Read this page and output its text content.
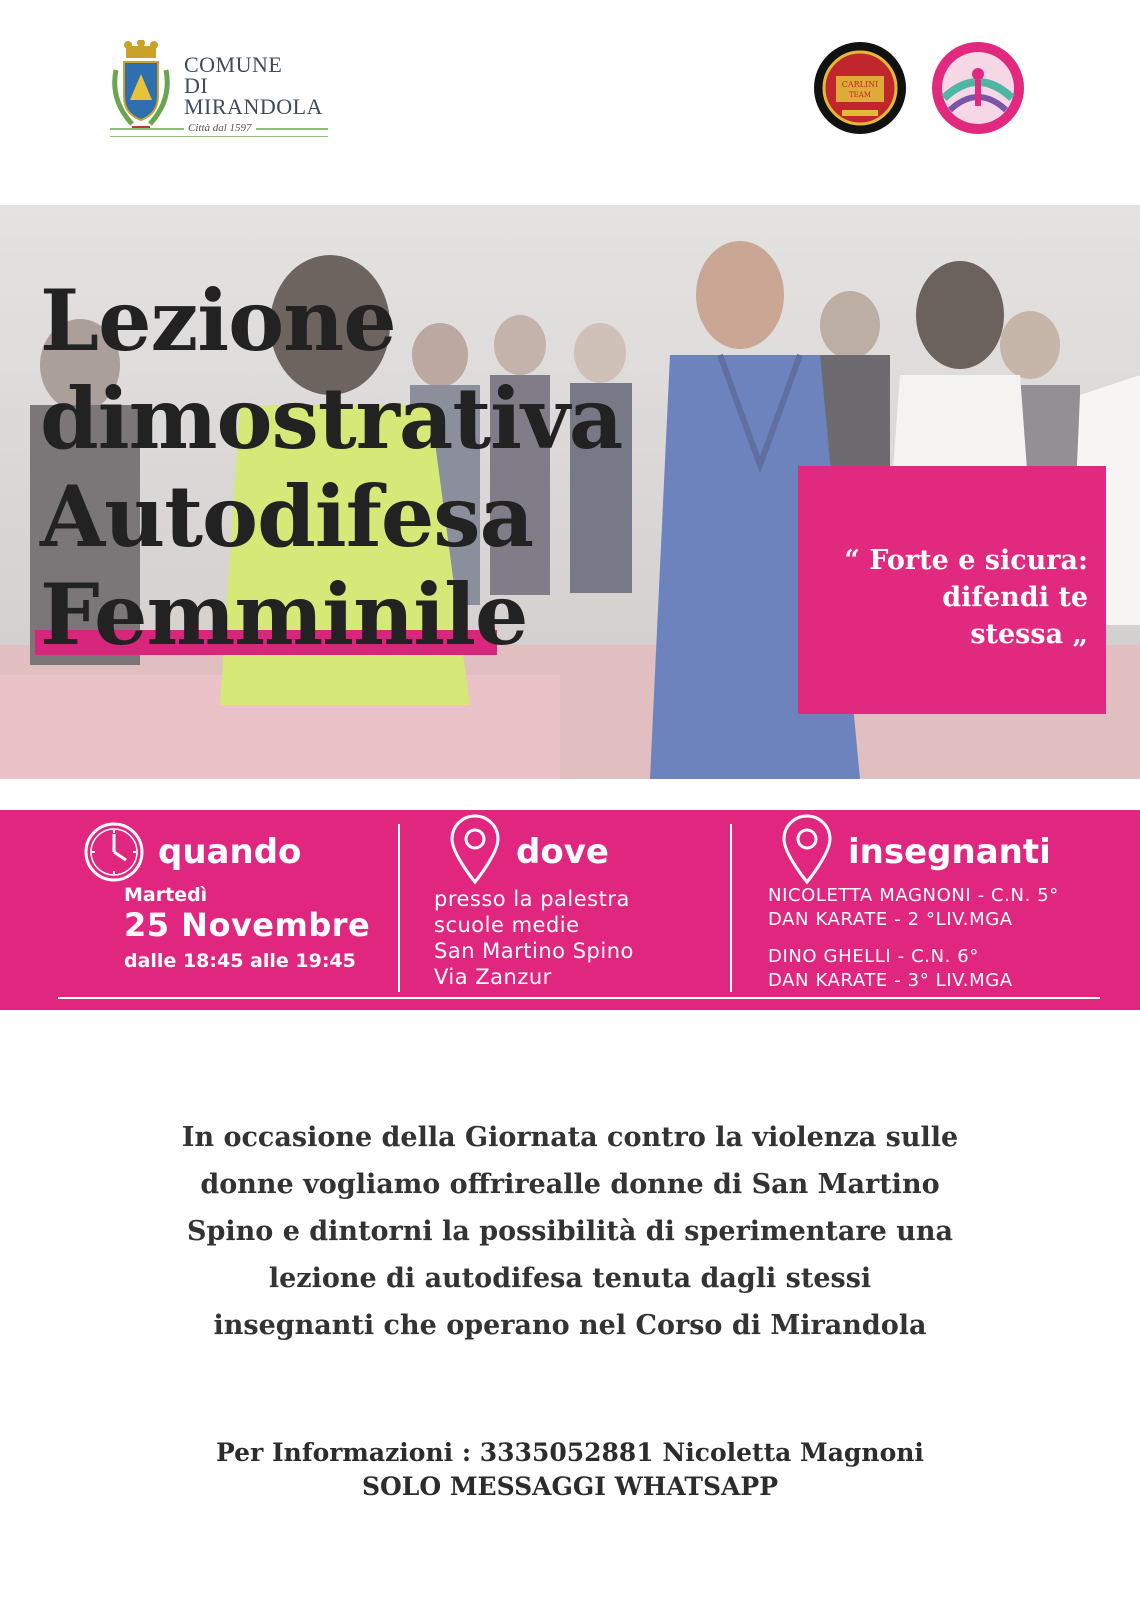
COMUNE
DI
MIRANDOLA
Città dal 1597
CARLINI
TEAM
Lezione
dimostrativa
Autodifesa
Femminile
“ Forte e sicura:
difendi te
stessa „
quando
Martedì
25 Novembre
dalle 18:45 alle 19:45
dove
presso la palestra
scuole medie
San Martino Spino
Via Zanzur
insegnanti
NICOLETTA MAGNONI - C.N. 5°
DAN KARATE - 2 °LIV.MGA
DINO GHELLI - C.N. 6°
DAN KARATE - 3° LIV.MGA
In occasione della Giornata contro la violenza sulle
donne vogliamo offrirealle donne di San Martino
Spino e dintorni la possibilità di sperimentare una
lezione di autodifesa tenuta dagli stessi
insegnanti che operano nel Corso di Mirandola
Per Informazioni : 3335052881 Nicoletta Magnoni
SOLO MESSAGGI WHATSAPP
